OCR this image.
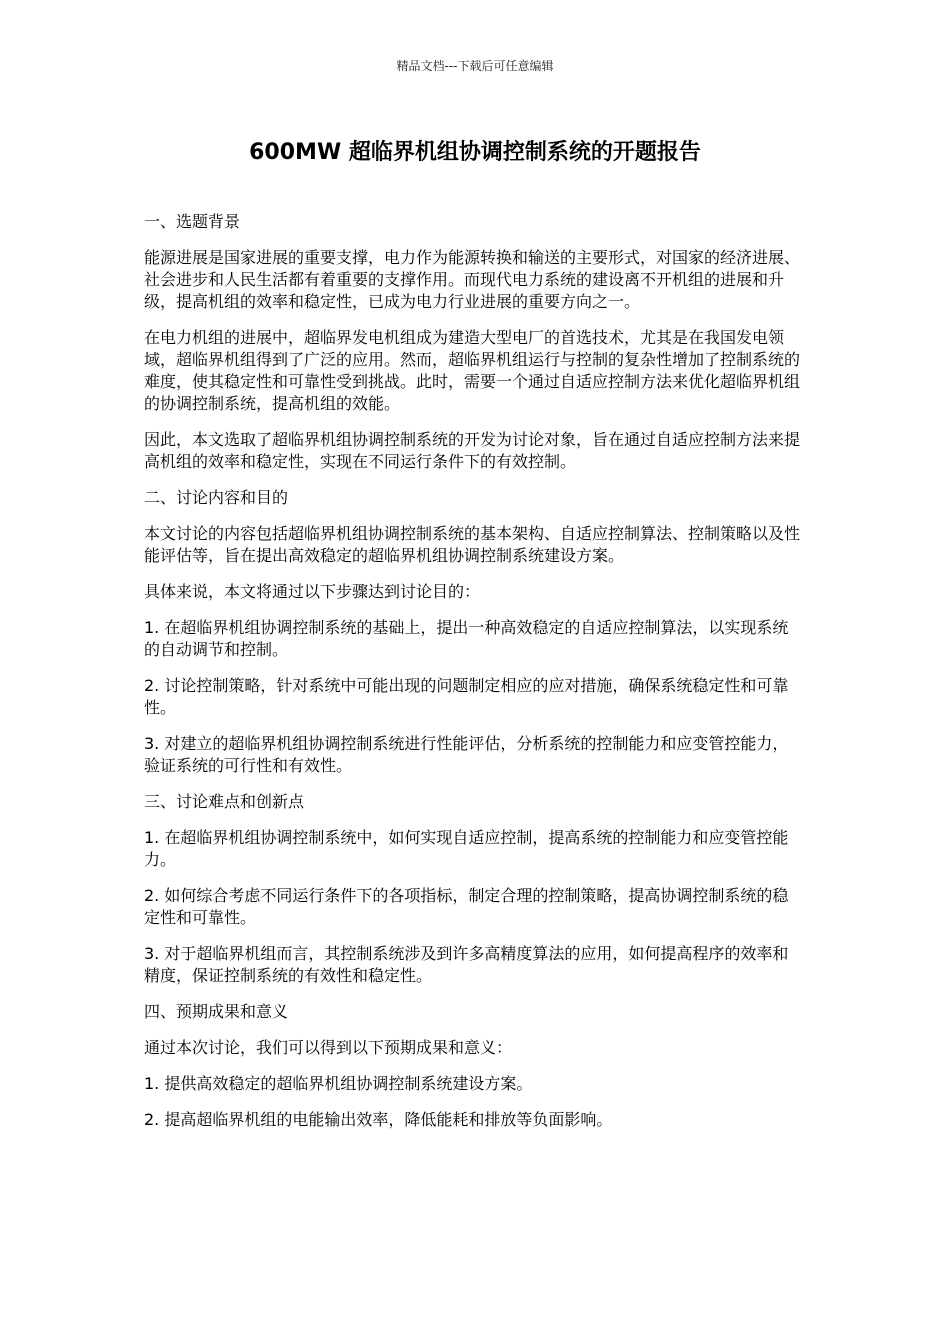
精品文档---下载后可任意编辑
600MW 超临界机组协调控制系统的开题报告

一、选题背景

能源进展是国家进展的重要支撑，电力作为能源转换和输送的主要形式，对国家的经济进展、社会进步和人民生活都有着重要的支撑作用。而现代电力系统的建设离不开机组的进展和升级，提高机组的效率和稳定性，已成为电力行业进展的重要方向之一。

在电力机组的进展中，超临界发电机组成为建造大型电厂的首选技术，尤其是在我国发电领域，超临界机组得到了广泛的应用。然而，超临界机组运行与控制的复杂性增加了控制系统的难度，使其稳定性和可靠性受到挑战。此时，需要一个通过自适应控制方法来优化超临界机组的协调控制系统，提高机组的效能。

因此，本文选取了超临界机组协调控制系统的开发为讨论对象，旨在通过自适应控制方法来提高机组的效率和稳定性，实现在不同运行条件下的有效控制。

二、讨论内容和目的

本文讨论的内容包括超临界机组协调控制系统的基本架构、自适应控制算法、控制策略以及性能评估等，旨在提出高效稳定的超临界机组协调控制系统建设方案。

具体来说，本文将通过以下步骤达到讨论目的：

1. 在超临界机组协调控制系统的基础上，提出一种高效稳定的自适应控制算法，以实现系统的自动调节和控制。

2. 讨论控制策略，针对系统中可能出现的问题制定相应的应对措施，确保系统稳定性和可靠性。

3. 对建立的超临界机组协调控制系统进行性能评估，分析系统的控制能力和应变管控能力，验证系统的可行性和有效性。

三、讨论难点和创新点

1. 在超临界机组协调控制系统中，如何实现自适应控制，提高系统的控制能力和应变管控能力。

2. 如何综合考虑不同运行条件下的各项指标，制定合理的控制策略，提高协调控制系统的稳定性和可靠性。

3. 对于超临界机组而言，其控制系统涉及到许多高精度算法的应用，如何提高程序的效率和精度，保证控制系统的有效性和稳定性。

四、预期成果和意义

通过本次讨论，我们可以得到以下预期成果和意义：

1. 提供高效稳定的超临界机组协调控制系统建设方案。

2. 提高超临界机组的电能输出效率，降低能耗和排放等负面影响。
